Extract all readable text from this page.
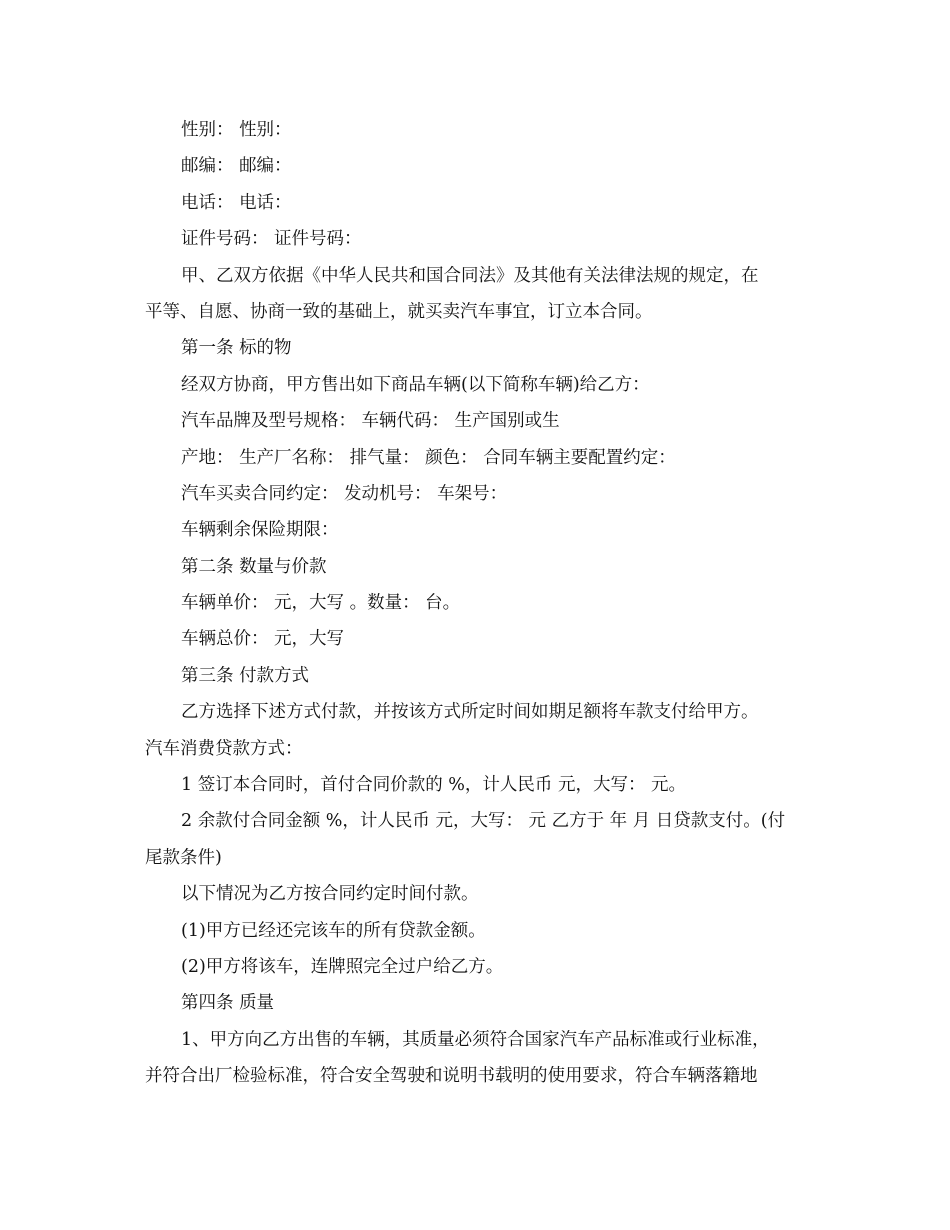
性别： 性别：

邮编： 邮编：

电话： 电话：

证件号码： 证件号码：

甲、乙双方依据《中华人民共和国合同法》及其他有关法律法规的规定，在

平等、自愿、协商一致的基础上，就买卖汽车事宜，订立本合同。

第一条 标的物

经双方协商，甲方售出如下商品车辆(以下简称车辆)给乙方：

汽车品牌及型号规格： 车辆代码： 生产国别或生

产地： 生产厂名称： 排气量： 颜色： 合同车辆主要配置约定：

汽车买卖合同约定： 发动机号： 车架号：

车辆剩余保险期限：

第二条 数量与价款

车辆单价： 元，大写 。数量： 台。

车辆总价： 元，大写

第三条 付款方式

乙方选择下述方式付款，并按该方式所定时间如期足额将车款支付给甲方。

汽车消费贷款方式：

1 签订本合同时，首付合同价款的 %，计人民币 元，大写： 元。

2 余款付合同金额 %，计人民币 元，大写： 元 乙方于 年 月 日贷款支付。(付

尾款条件)

以下情况为乙方按合同约定时间付款。

(1)甲方已经还完该车的所有贷款金额。

(2)甲方将该车，连牌照完全过户给乙方。

第四条 质量

1、甲方向乙方出售的车辆，其质量必须符合国家汽车产品标准或行业标准，

并符合出厂检验标准，符合安全驾驶和说明书载明的使用要求，符合车辆落籍地
